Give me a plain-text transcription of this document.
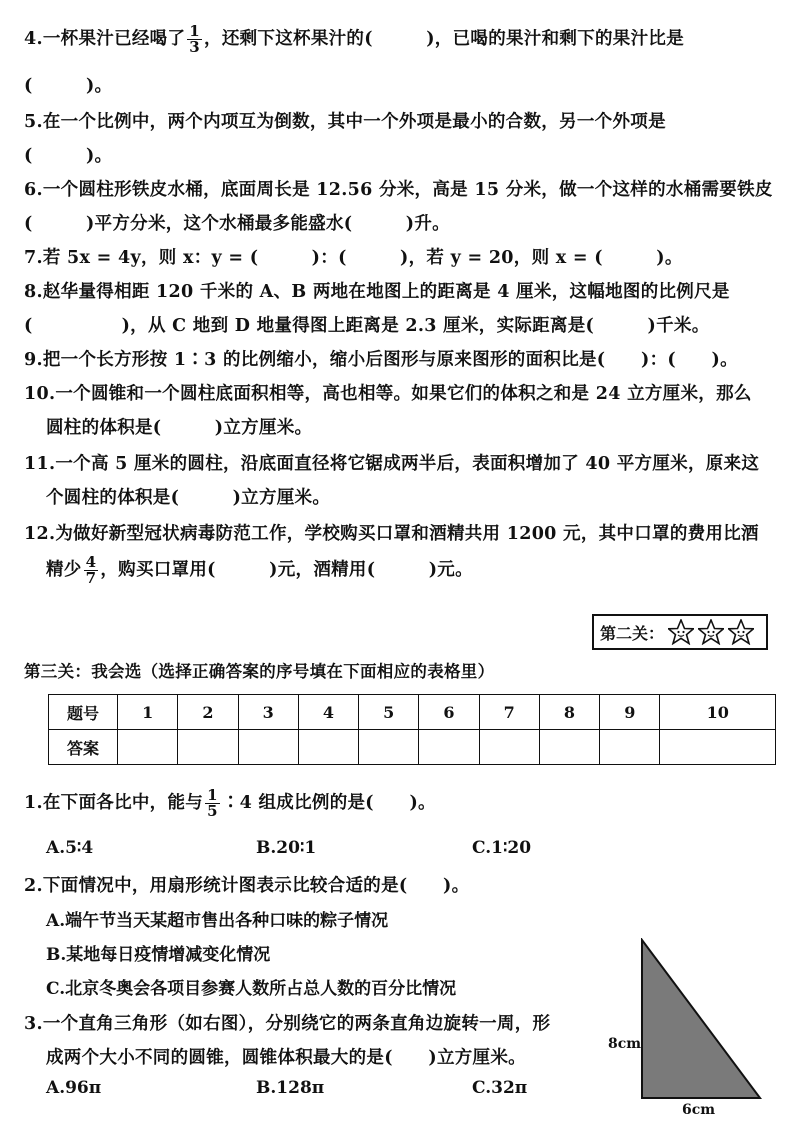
4.一杯果汁已经喝了 $\frac{1}{3}$ ，还剩下这杯果汁的(　　　)，已喝的果汁和剩下的果汁比是
(　　　)。
5.在一个比例中，两个内项互为倒数，其中一个外项是最小的合数，另一个外项是
(　　　)。
6.一个圆柱形铁皮水桶，底面周长是 12.56 分米，高是 15 分米，做一个这样的水桶需要铁皮
(　　　)平方分米，这个水桶最多能盛水(　　　)升。
7.若 5x = 4y，则 x：y = (　　　)：(　　　)，若 y = 20，则 x = (　　　)。
8.赵华量得相距 120 千米的 A、B 两地在地图上的距离是 4 厘米，这幅地图的比例尺是
(　　　　　)，从 C 地到 D 地量得图上距离是 2.3 厘米，实际距离是(　　　)千米。
9.把一个长方形按 1∶3 的比例缩小，缩小后图形与原来图形的面积比是(　　)：(　　)。
10.一个圆锥和一个圆柱底面积相等，高也相等。如果它们的体积之和是 24 立方厘米，那么
圆柱的体积是(　　　)立方厘米。
11.一个高 5 厘米的圆柱，沿底面直径将它锯成两半后，表面积增加了 40 平方厘米，原来这
个圆柱的体积是(　　　)立方厘米。
12.为做好新型冠状病毒防范工作，学校购买口罩和酒精共用 1200 元，其中口罩的费用比酒
精少 $\frac{4}{7}$ ，购买口罩用(　　　)元，酒精用(　　　)元。
第二关：
第三关：我会选（选择正确答案的序号填在下面相应的表格里）
题号	1	2	3	4	5	6	7	8	9	10
答案										
1.在下面各比中，能与 $\frac{1}{5}$ ∶4 组成比例的是(　　)。
A.5∶4	B.20∶1	C.1∶20
2.下面情况中，用扇形统计图表示比较合适的是(　　)。
A.端午节当天某超市售出各种口味的粽子情况
B.某地每日疫情增减变化情况
C.北京冬奥会各项目参赛人数所占总人数的百分比情况
3.一个直角三角形（如右图），分别绕它的两条直角边旋转一周，形
成两个大小不同的圆锥，圆锥体积最大的是(　　)立方厘米。
A.96π	B.128π	C.32π
8cm
6cm
